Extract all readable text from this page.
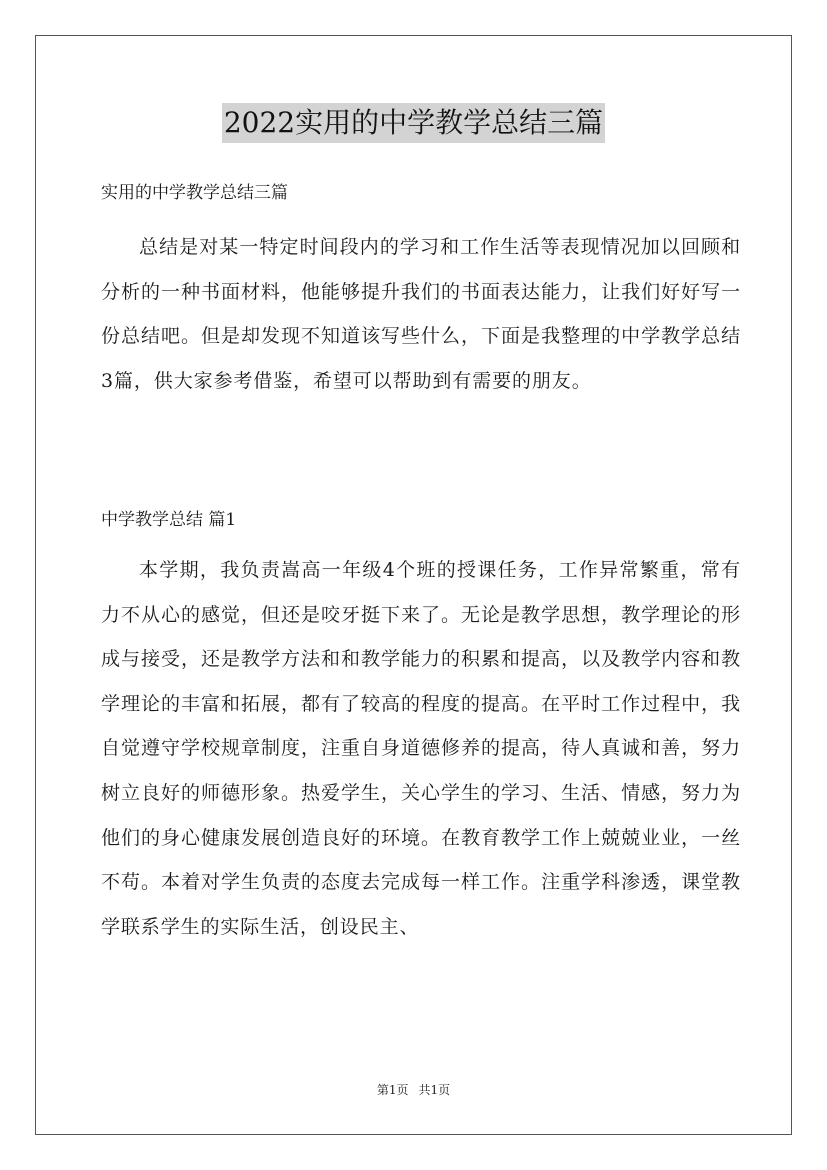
2022实用的中学教学总结三篇
实用的中学教学总结三篇

总结是对某一特定时间段内的学习和工作生活等表现情况加以回顾和分析的一种书面材料，他能够提升我们的书面表达能力，让我们好好写一份总结吧。但是却发现不知道该写些什么，下面是我整理的中学教学总结3篇，供大家参考借鉴，希望可以帮助到有需要的朋友。

中学教学总结 篇1

本学期，我负责嵩高一年级4个班的授课任务，工作异常繁重，常有力不从心的感觉，但还是咬牙挺下来了。无论是教学思想，教学理论的形成与接受，还是教学方法和和教学能力的积累和提高，以及教学内容和教学理论的丰富和拓展，都有了较高的程度的提高。在平时工作过程中，我自觉遵守学校规章制度，注重自身道德修养的提高，待人真诚和善，努力树立良好的师德形象。热爱学生，关心学生的学习、生活、情感，努力为他们的身心健康发展创造良好的环境。在教育教学工作上兢兢业业，一丝不苟。本着对学生负责的态度去完成每一样工作。注重学科渗透，课堂教学联系学生的实际生活，创设民主、

第1页 共1页
